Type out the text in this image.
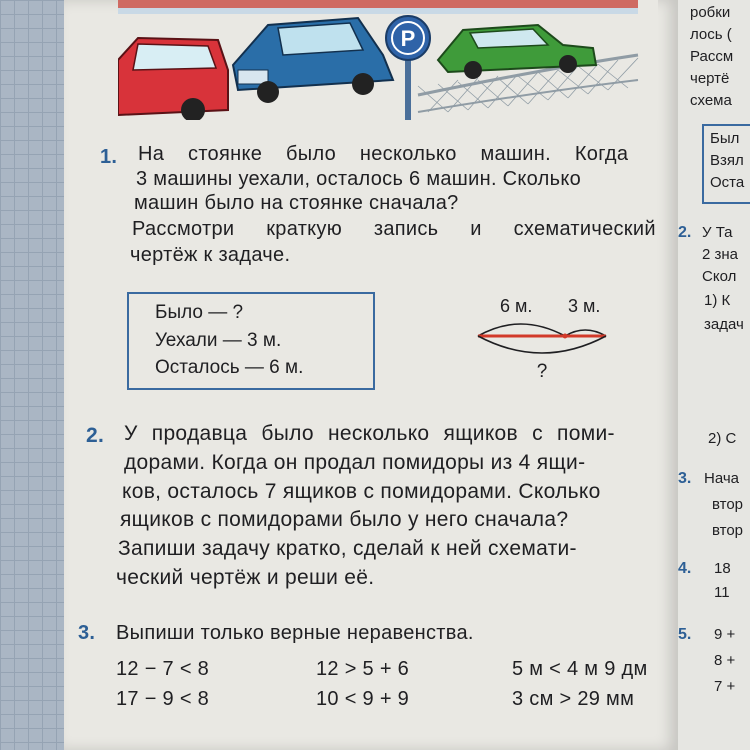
P
1. На стоянке было несколько машин. Когда
3 машины уехали, осталось 6 машин. Сколько
машин было на стоянке сначала?
Рассмотри краткую запись и схематический
чертёж к задаче.
Было — ?
Уехали — 3 м.
Осталось — 6 м.
6 м. 3 м.
?
2. У продавца было несколько ящиков с поми-
дорами. Когда он продал помидоры из 4 ящи-
ков, осталось 7 ящиков с помидорами. Сколько
ящиков с помидорами было у него сначала?
Запиши задачу кратко, сделай к ней схемати-
ческий чертёж и реши её.
3. Выпиши только верные неравенства.
12 − 7 < 8	12 > 5 + 6	5 м < 4 м 9 дм
17 − 9 < 8	10 < 9 + 9	3 см > 29 мм
робки
лось (
Рассм
чертё
схема
Был
Взял
Оста
2. У Та
2 зна
Скол
1) К
задач
2) С
3. Нача
втор
втор
4. 18
11
5. 9 +
8 +
7 +
